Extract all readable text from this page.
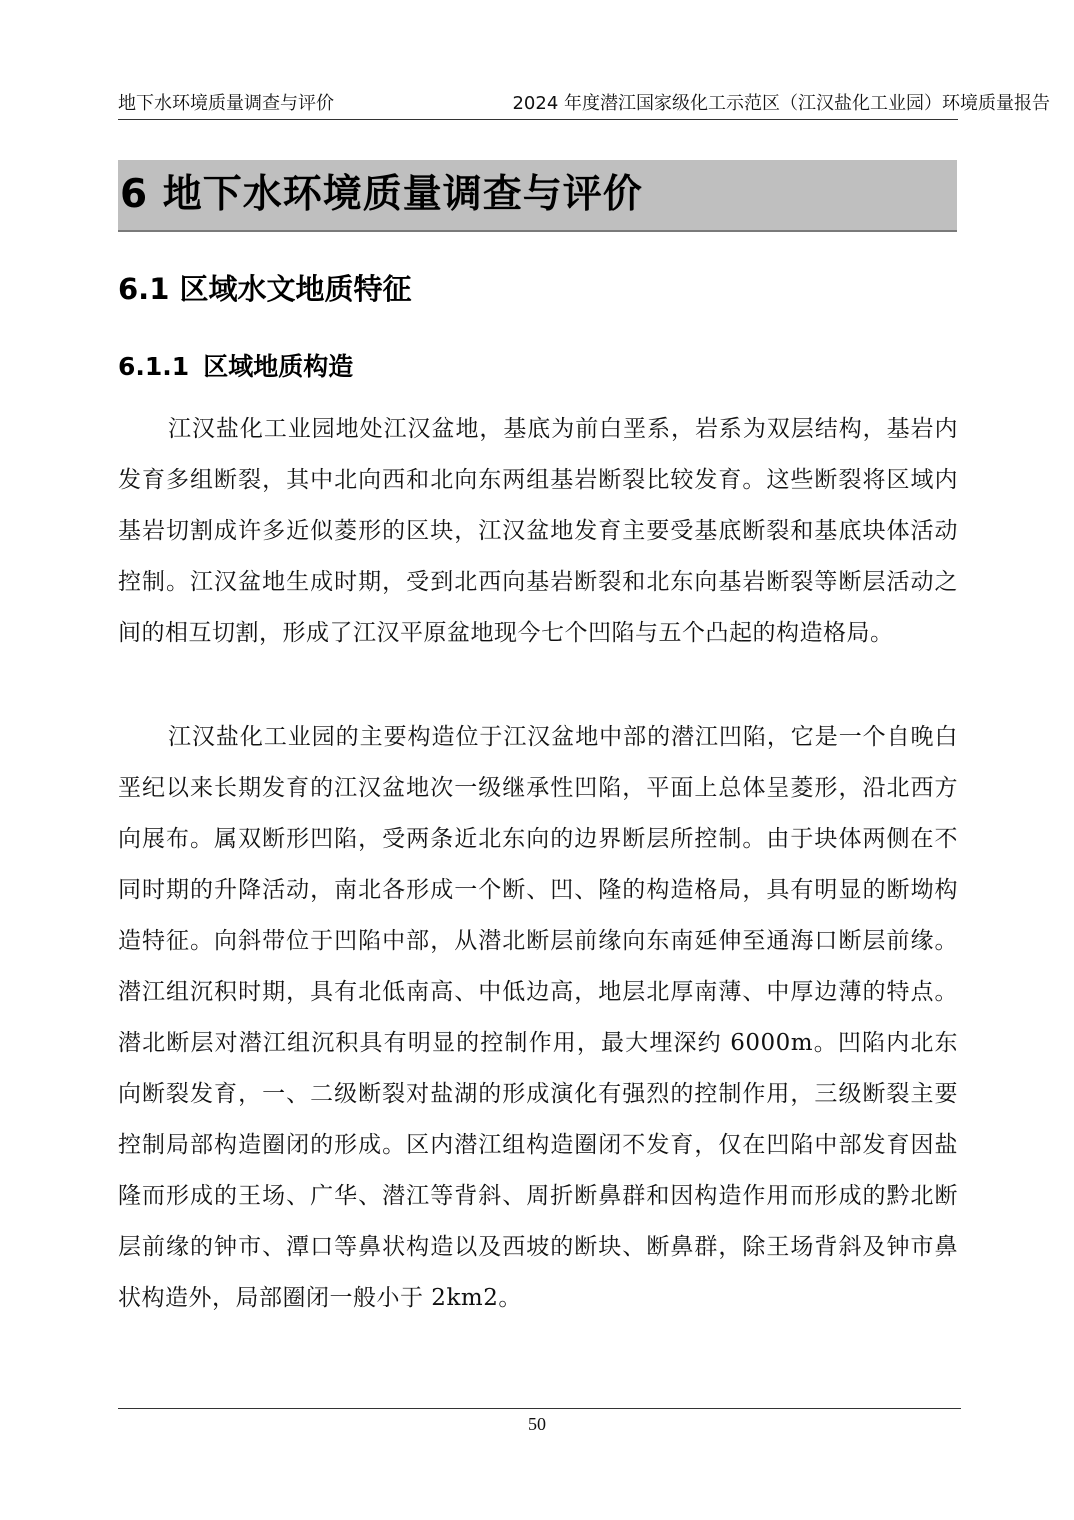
地下水环境质量调查与评价	2024 年度潜江国家级化工示范区（江汉盐化工业园）环境质量报告
6 地下水环境质量调查与评价
6.1 区域水文地质特征
6.1.1 区域地质构造

江汉盐化工业园地处江汉盆地，基底为前白垩系，岩系为双层结构，基岩内发育多组断裂，其中北向西和北向东两组基岩断裂比较发育。这些断裂将区域内基岩切割成许多近似菱形的区块，江汉盆地发育主要受基底断裂和基底块体活动控制。江汉盆地生成时期，受到北西向基岩断裂和北东向基岩断裂等断层活动之间的相互切割，形成了江汉平原盆地现今七个凹陷与五个凸起的构造格局。

江汉盐化工业园的主要构造位于江汉盆地中部的潜江凹陷，它是一个自晚白垩纪以来长期发育的江汉盆地次一级继承性凹陷，平面上总体呈菱形，沿北西方向展布。属双断形凹陷，受两条近北东向的边界断层所控制。由于块体两侧在不同时期的升降活动，南北各形成一个断、凹、隆的构造格局，具有明显的断坳构造特征。向斜带位于凹陷中部，从潜北断层前缘向东南延伸至通海口断层前缘。潜江组沉积时期，具有北低南高、中低边高，地层北厚南薄、中厚边薄的特点。潜北断层对潜江组沉积具有明显的控制作用，最大埋深约 6000m。凹陷内北东向断裂发育，一、二级断裂对盐湖的形成演化有强烈的控制作用，三级断裂主要控制局部构造圈闭的形成。区内潜江组构造圈闭不发育，仅在凹陷中部发育因盐隆而形成的王场、广华、潜江等背斜、周折断鼻群和因构造作用而形成的黔北断层前缘的钟市、潭口等鼻状构造以及西坡的断块、断鼻群，除王场背斜及钟市鼻状构造外，局部圈闭一般小于 2km2。

50
